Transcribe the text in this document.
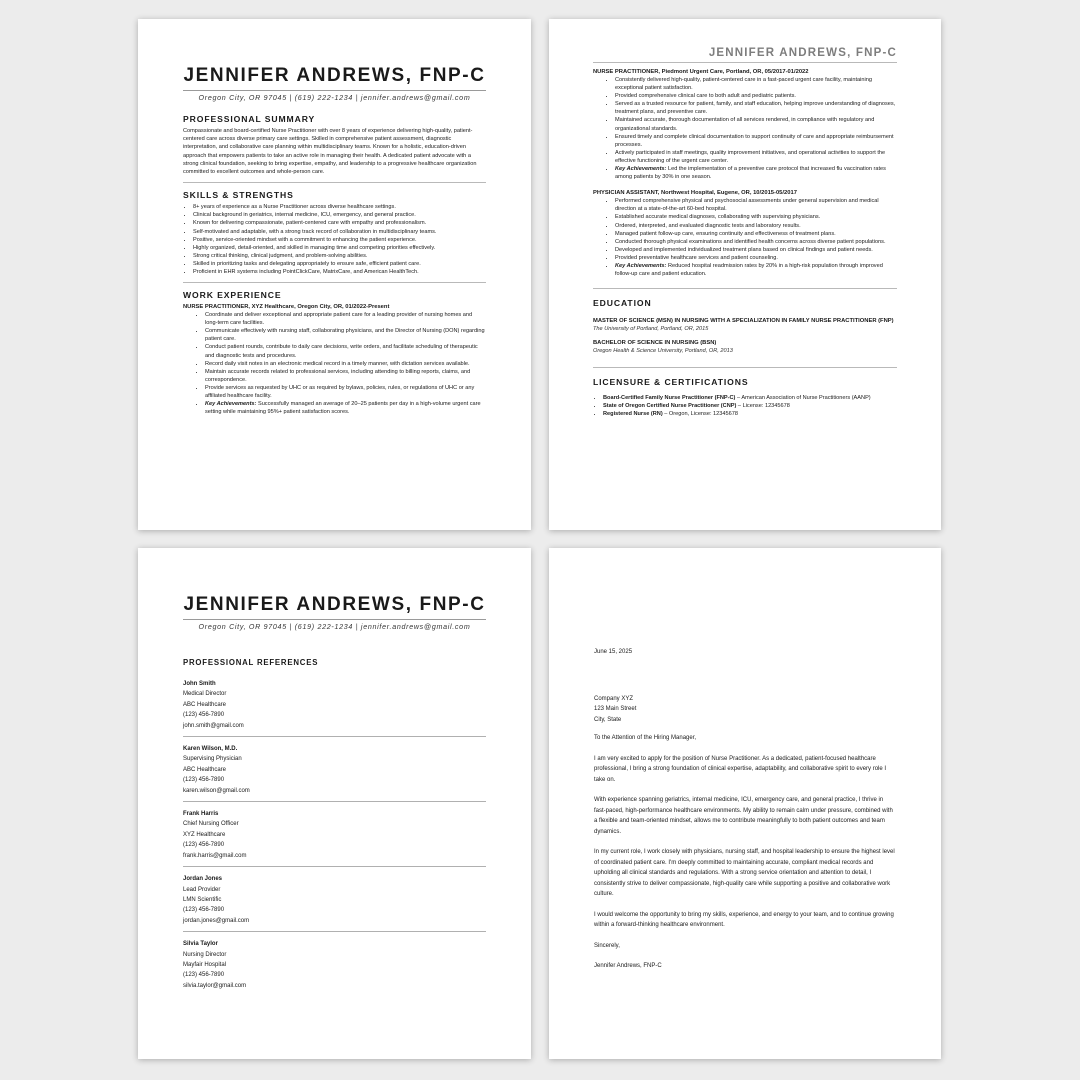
JENNIFER ANDREWS, FNP-C
Oregon City, OR 97045 | (619) 222-1234 | jennifer.andrews@gmail.com
PROFESSIONAL SUMMARY

Compassionate and board-certified Nurse Practitioner with over 8 years of experience delivering high-quality, patient-centered care across diverse primary care settings. Skilled in comprehensive patient assessment, diagnostic interpretation, and collaborative care planning within multidisciplinary teams. Known for a holistic, education-driven approach that empowers patients to take an active role in managing their health. A dedicated patient advocate with a strong clinical foundation, seeking to bring expertise, empathy, and leadership to a progressive healthcare organization committed to excellent outcomes and whole-person care.

SKILLS & STRENGTHS
• 8+ years of experience as a Nurse Practitioner across diverse healthcare settings.
• Clinical background in geriatrics, internal medicine, ICU, emergency, and general practice.
• Known for delivering compassionate, patient-centered care with empathy and professionalism.
• Self-motivated and adaptable, with a strong track record of collaboration in multidisciplinary teams.
• Positive, service-oriented mindset with a commitment to enhancing the patient experience.
• Highly organized, detail-oriented, and skilled in managing time and competing priorities effectively.
• Strong critical thinking, clinical judgment, and problem-solving abilities.
• Skilled in prioritizing tasks and delegating appropriately to ensure safe, efficient patient care.
• Proficient in EHR systems including PointClickCare, MatrixCare, and American HealthTech.
WORK EXPERIENCE

NURSE PRACTITIONER, XYZ Healthcare, Oregon City, OR, 01/2022-Present

• Coordinate and deliver exceptional and appropriate patient care for a leading provider of nursing homes and long-term care facilities.
• Communicate effectively with nursing staff, collaborating physicians, and the Director of Nursing (DON) regarding patient care.
• Conduct patient rounds, contribute to daily care decisions, write orders, and facilitate scheduling of therapeutic and diagnostic tests and procedures.
• Record daily visit notes in an electronic medical record in a timely manner, with dictation services available.
• Maintain accurate records related to professional services, including attending to billing reports, claims, and correspondence.
• Provide services as requested by UHC or as required by bylaws, policies, rules, or regulations of UHC or any affiliated healthcare facility.
• Key Achievements: Successfully managed an average of 20–25 patients per day in a high-volume urgent care setting while maintaining 95%+ patient satisfaction scores.
JENNIFER ANDREWS, FNP-C

NURSE PRACTITIONER, Piedmont Urgent Care, Portland, OR, 05/2017-01/2022

• Consistently delivered high-quality, patient-centered care in a fast-paced urgent care facility, maintaining exceptional patient satisfaction.
• Provided comprehensive clinical care to both adult and pediatric patients.
• Served as a trusted resource for patient, family, and staff education, helping improve understanding of diagnoses, treatment plans, and preventive care.
• Maintained accurate, thorough documentation of all services rendered, in compliance with regulatory and organizational standards.
• Ensured timely and complete clinical documentation to support continuity of care and appropriate reimbursement processes.
• Actively participated in staff meetings, quality improvement initiatives, and operational activities to support the effective functioning of the urgent care center.
• Key Achievements: Led the implementation of a preventive care protocol that increased flu vaccination rates among patients by 30% in one season.

PHYSICIAN ASSISTANT, Northwest Hospital, Eugene, OR, 10/2015-05/2017

• Performed comprehensive physical and psychosocial assessments under general supervision and medical direction at a state-of-the-art 60-bed hospital.
• Established accurate medical diagnoses, collaborating with supervising physicians.
• Ordered, interpreted, and evaluated diagnostic tests and laboratory results.
• Managed patient follow-up care, ensuring continuity and effectiveness of treatment plans.
• Conducted thorough physical examinations and identified health concerns across diverse patient populations.
• Developed and implemented individualized treatment plans based on clinical findings and patient needs.
• Provided preventative healthcare services and patient counseling.
• Key Achievements: Reduced hospital readmission rates by 20% in a high-risk population through improved follow-up care and patient education.
EDUCATION

MASTER OF SCIENCE (MSN) IN NURSING WITH A SPECIALIZATION IN FAMILY NURSE PRACTITIONER (FNP)

The University of Portland, Portland, OR, 2015

BACHELOR OF SCIENCE IN NURSING (BSN)

Oregon Health & Science University, Portland, OR, 2013

LICENSURE & CERTIFICATIONS
• Board-Certified Family Nurse Practitioner (FNP-C) – American Association of Nurse Practitioners (AANP)
• State of Oregon Certified Nurse Practitioner (CNP) – License: 12345678
• Registered Nurse (RN) – Oregon, License: 12345678
JENNIFER ANDREWS, FNP-C
Oregon City, OR 97045 | (619) 222-1234 | jennifer.andrews@gmail.com
PROFESSIONAL REFERENCES

John Smith

Medical Director

ABC Healthcare

(123) 456-7890

john.smith@gmail.com

Karen Wilson, M.D.

Supervising Physician

ABC Healthcare

(123) 456-7890

karen.wilson@gmail.com

Frank Harris

Chief Nursing Officer

XYZ Healthcare

(123) 456-7890

frank.harris@gmail.com

Jordan Jones

Lead Provider

LMN Scientific

(123) 456-7890

jordan.jones@gmail.com

Silvia Taylor

Nursing Director

Mayfair Hospital

(123) 456-7890

silvia.taylor@gmail.com

June 15, 2025

Company XYZ
123 Main Street
City, State

To the Attention of the Hiring Manager,

I am very excited to apply for the position of Nurse Practitioner. As a dedicated, patient-focused healthcare professional, I bring a strong foundation of clinical expertise, adaptability, and collaborative spirit to every role I take on.

With experience spanning geriatrics, internal medicine, ICU, emergency care, and general practice, I thrive in fast-paced, high-performance healthcare environments. My ability to remain calm under pressure, combined with a flexible and team-oriented mindset, allows me to contribute meaningfully to both patient outcomes and team dynamics.

In my current role, I work closely with physicians, nursing staff, and hospital leadership to ensure the highest level of coordinated patient care. I'm deeply committed to maintaining accurate, compliant medical records and upholding all clinical standards and regulations. With a strong service orientation and attention to detail, I consistently strive to deliver compassionate, high-quality care while supporting a positive and collaborative work culture.

I would welcome the opportunity to bring my skills, experience, and energy to your team, and to continue growing within a forward-thinking healthcare environment.

Sincerely,

Jennifer Andrews, FNP-C
